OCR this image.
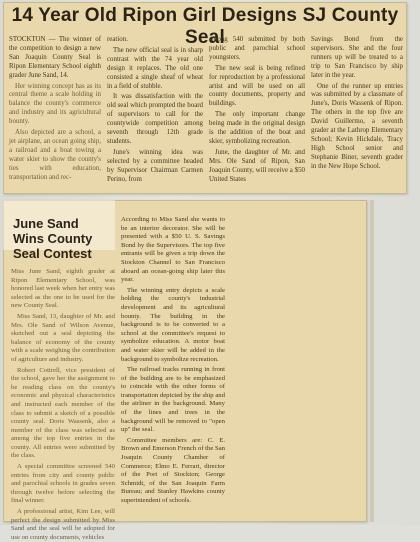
14 Year Old Ripon Girl Designs SJ County Seal

STOCKTON — The winner of the competition to design a new San Joaquin County Seal is Ripon Elementary School eighth grader June Sand, 14.

Her winning concept has as its central theme a scale holding in balance the county's commerce and industry and its agricultural bounty.

Also depicted are a school, a jet airplane, an ocean going ship, a railroad and a boat towing a water skier to show the county's ties with education, transportation and rec-

reation.

The new official seal is in sharp contrast with the 74 year old design it replaces. The old one consisted a single sheaf of wheat in a field of stubble.

It was dissatisfaction with the old seal which prompted the board of supervisors to call for the countywide competition among seventh through 12th grade students.

June's winning idea was selected by a committee headed by Supervisor Chairman Carmen Perino, from

among 540 submitted by both public and parochial school youngsters.

The new seal is being refined for reproduction by a professional artist and will be used on all county documents, property and buildings.

The only important change being made in the original design is the addition of the boat and skier, symbolizing recreation.

June, the daughter of Mr. and Mrs. Ole Sand of Ripon, San Joaquin County, will receive a $50 United States

Savings Bond from the supervisors. She and the four runners up will be treated to a trip to San Francisco by ship later in the year.

One of the runner up entries was submitted by a classmate of June's, Doris Wassenk of Ripon. The others in the top five are David Guillermo, a seventh grader at the Lathrop Elementary School; Kevin Hickdale, Tracy High School senior and Stephanie Biner, seventh grader in the New Hope School.

June Sand Wins County Seal Contest

Miss June Sand, eighth grader at Ripon Elementary School, was honored last week when her entry was selected as the one to be used for the new County Seal.

Miss Sand, 13, daughter of Mr. and Mrs. Ole Sand of Wilson Avenue, sketched out a seal depicting the balance of economy of the county with a scale weighing the contribution of agriculture and industry.

Robert Cottrell, vice president of the school, gave her the assignment to be reading class on the county's economic and physical characteristics and instructed each member of the class to submit a sketch of a possible county seal. Doris Wassenk, also a member of the class was selected as among the top five entries in the county. All entries were submitted by the class.

A special committee screened 540 entries from city and county public and parochial schools in grades seven through twelve before selecting the final winner.

A professional artist, Kim Lee, will perfect the design submitted by Miss Sand and the seal will be adopted for use on county documents, vehicles

According to Miss Sand she wants to be an interior decorator. She will be presented with a $50 U. S. Savings Bond by the Supervisors. The top five entrants will be given a trip down the Stockton Channel to San Francisco aboard an ocean-going ship later this year.

The winning entry depicts a scale holding the county's industrial development and its agricultural bounty. The building in the background is to be converted to a school at the committee's request to symbolize education. A motor boat and water skier will be added in the background to symbolize recreation.

The railroad tracks running in front of the building are to be emphasized to coincide with the other forms of transportation depicted by the ship and the airliner in the background. Many of the lines and trees in the background will be removed to "open up" the seal.

Committee members are: C. E. Brown and Emerson French of the San Joaquin County Chamber of Commerce; Elmo E. Ferrari, director of the Port of Stockton; George Schmidt, of the San Joaquin Farm Bureau; and Stanley Hawkins county superintendent of schools.
